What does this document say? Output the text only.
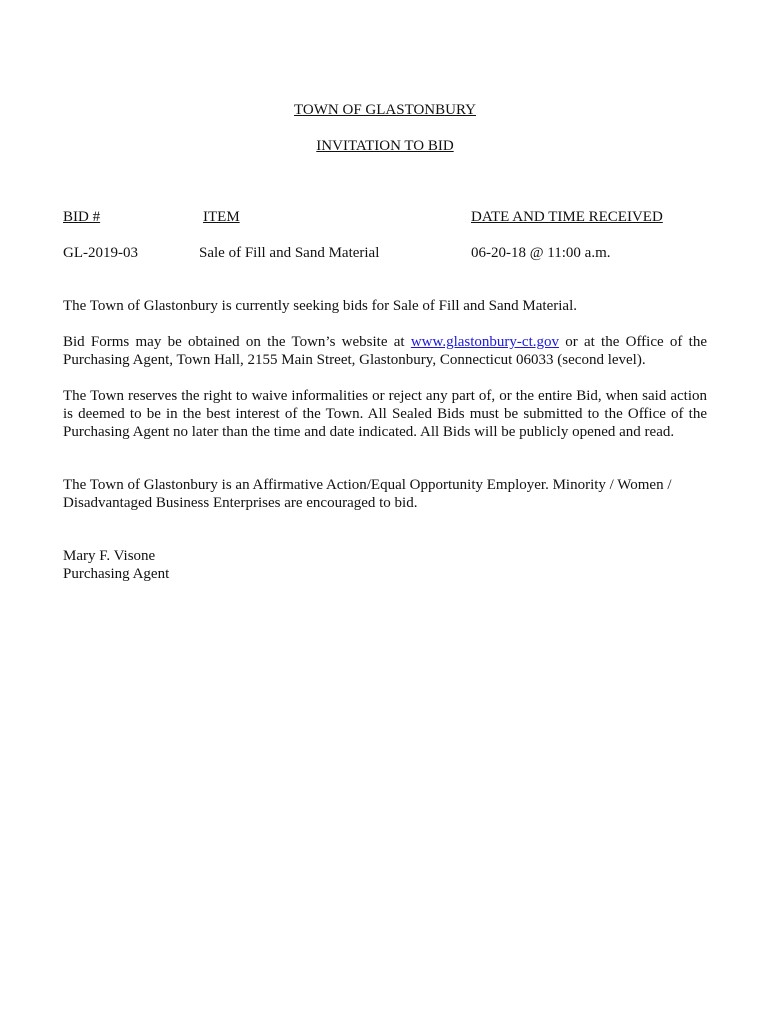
TOWN OF GLASTONBURY
INVITATION TO BID
BID #	ITEM	DATE AND TIME RECEIVED
GL-2019-03	Sale of Fill and Sand Material	06-20-18 @ 11:00 a.m.
The Town of Glastonbury is currently seeking bids for Sale of Fill and Sand Material.
Bid Forms may be obtained on the Town’s website at www.glastonbury-ct.gov or at the Office of the Purchasing Agent, Town Hall, 2155 Main Street, Glastonbury, Connecticut 06033 (second level).
The Town reserves the right to waive informalities or reject any part of, or the entire Bid, when said action is deemed to be in the best interest of the Town. All Sealed Bids must be submitted to the Office of the Purchasing Agent no later than the time and date indicated. All Bids will be publicly opened and read.
The Town of Glastonbury is an Affirmative Action/Equal Opportunity Employer. Minority / Women / Disadvantaged Business Enterprises are encouraged to bid.
Mary F. Visone
Purchasing Agent
